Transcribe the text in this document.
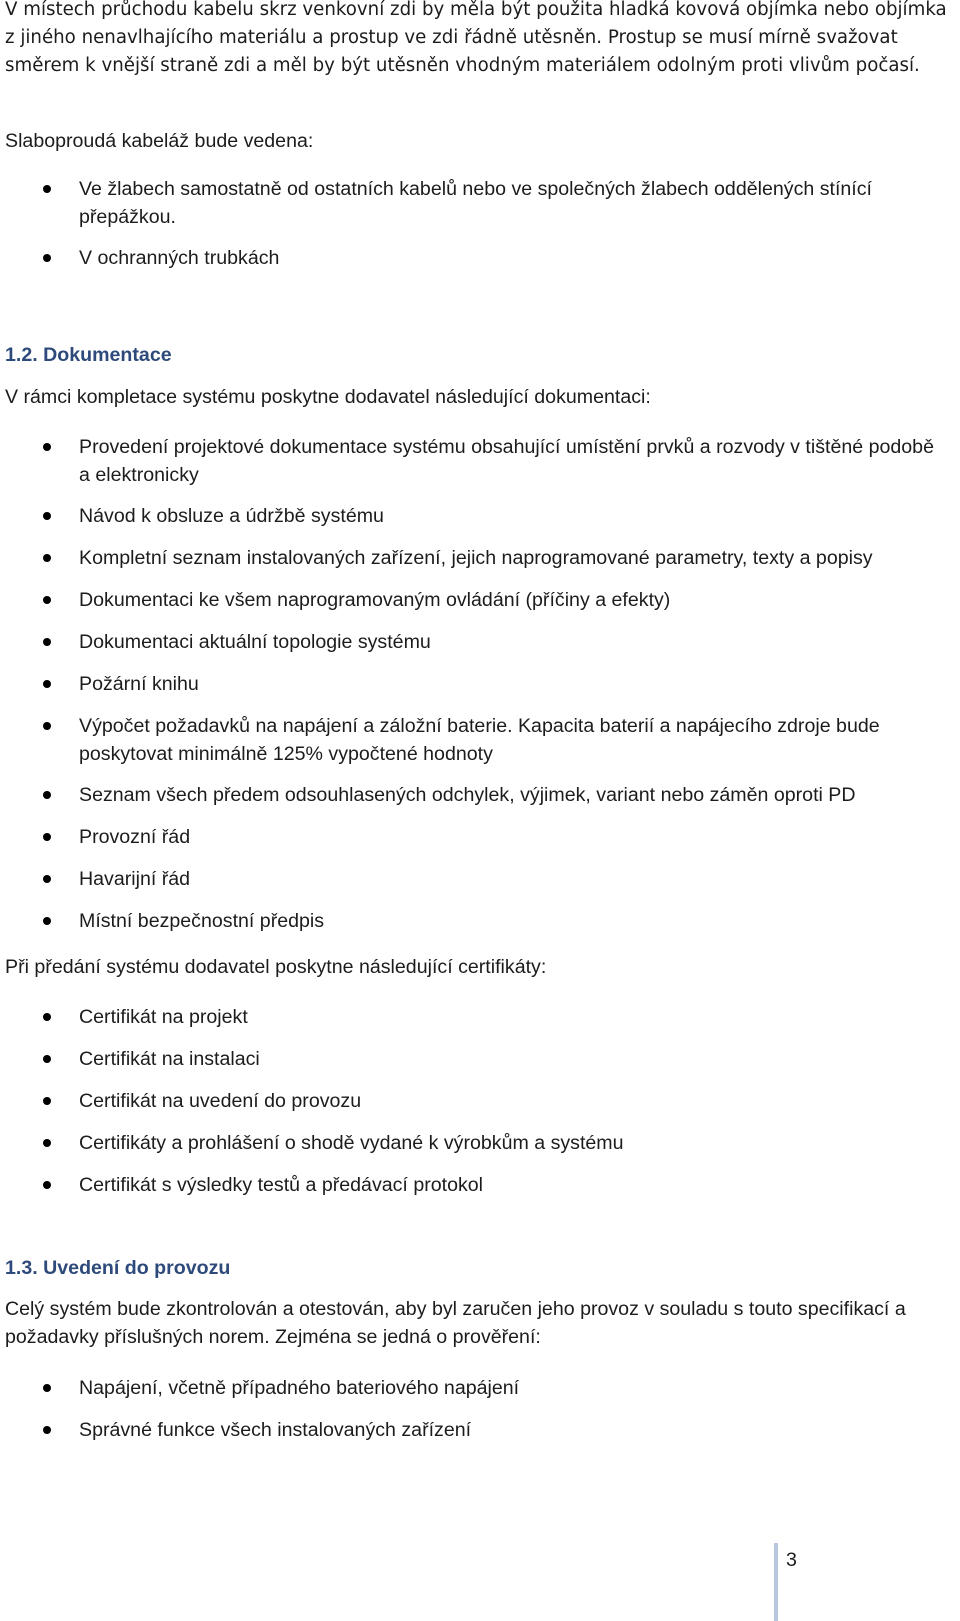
V místech průchodu kabelu skrz venkovní zdi by měla být použita hladká kovová objímka nebo objímka z jiného nenavlhajícího materiálu a prostup ve zdi řádně utěsněn. Prostup se musí mírně svažovat směrem k vnější straně zdi a měl by být utěsněn vhodným materiálem odolným proti vlivům počasí.

Slaboproudá kabeláž bude vedena:

Ve žlabech samostatně od ostatních kabelů nebo ve společných žlabech oddělených stínící přepážkou.
V ochranných trubkách

1.2. Dokumentace

V rámci kompletace systému poskytne dodavatel následující dokumentaci:

Provedení projektové dokumentace systému obsahující umístění prvků a rozvody v tištěné podobě a elektronicky
Návod k obsluze a údržbě systému
Kompletní seznam instalovaných zařízení, jejich naprogramované parametry, texty a popisy
Dokumentaci ke všem naprogramovaným ovládání (příčiny a efekty)
Dokumentaci aktuální topologie systému
Požární knihu
Výpočet požadavků na napájení a záložní baterie. Kapacita baterií a napájecího zdroje bude poskytovat minimálně 125% vypočtené hodnoty
Seznam všech předem odsouhlasených odchylek, výjimek, variant nebo záměn oproti PD
Provozní řád
Havarijní řád
Místní bezpečnostní předpis

Při předání systému dodavatel poskytne následující certifikáty:

Certifikát na projekt
Certifikát na instalaci
Certifikát na uvedení do provozu
Certifikáty a prohlášení o shodě vydané k výrobkům a systému
Certifikát s výsledky testů a předávací protokol

1.3. Uvedení do provozu

Celý systém bude zkontrolován a otestován, aby byl zaručen jeho provoz v souladu s touto specifikací a požadavky příslušných norem. Zejména se jedná o prověření:

Napájení, včetně případného bateriového napájení
Správné funkce všech instalovaných zařízení
3
